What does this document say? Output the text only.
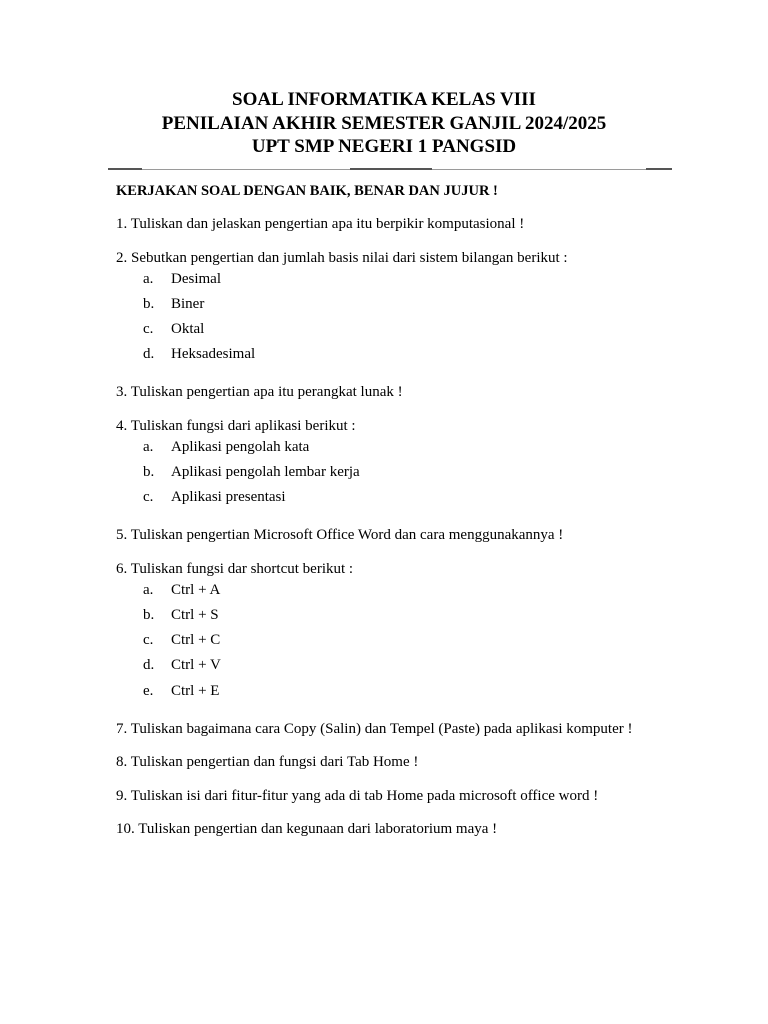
SOAL INFORMATIKA KELAS VIII
PENILAIAN AKHIR SEMESTER GANJIL 2024/2025
UPT SMP NEGERI 1 PANGSID
KERJAKAN SOAL DENGAN BAIK, BENAR DAN JUJUR !
1. Tuliskan dan jelaskan pengertian apa itu berpikir komputasional !
2. Sebutkan pengertian dan jumlah basis nilai dari sistem bilangan berikut :
a. Desimal
b. Biner
c. Oktal
d. Heksadesimal
3. Tuliskan pengertian apa itu perangkat lunak !
4. Tuliskan fungsi dari aplikasi berikut :
a. Aplikasi pengolah kata
b. Aplikasi pengolah lembar kerja
c. Aplikasi presentasi
5. Tuliskan pengertian Microsoft Office Word dan cara menggunakannya !
6. Tuliskan fungsi dar shortcut berikut :
a. Ctrl + A
b. Ctrl + S
c. Ctrl + C
d. Ctrl + V
e. Ctrl + E
7. Tuliskan bagaimana cara Copy (Salin) dan Tempel (Paste) pada aplikasi komputer !
8. Tuliskan pengertian dan fungsi dari Tab Home !
9. Tuliskan isi dari fitur-fitur yang ada di tab Home pada microsoft office word !
10. Tuliskan pengertian dan kegunaan dari laboratorium maya !
